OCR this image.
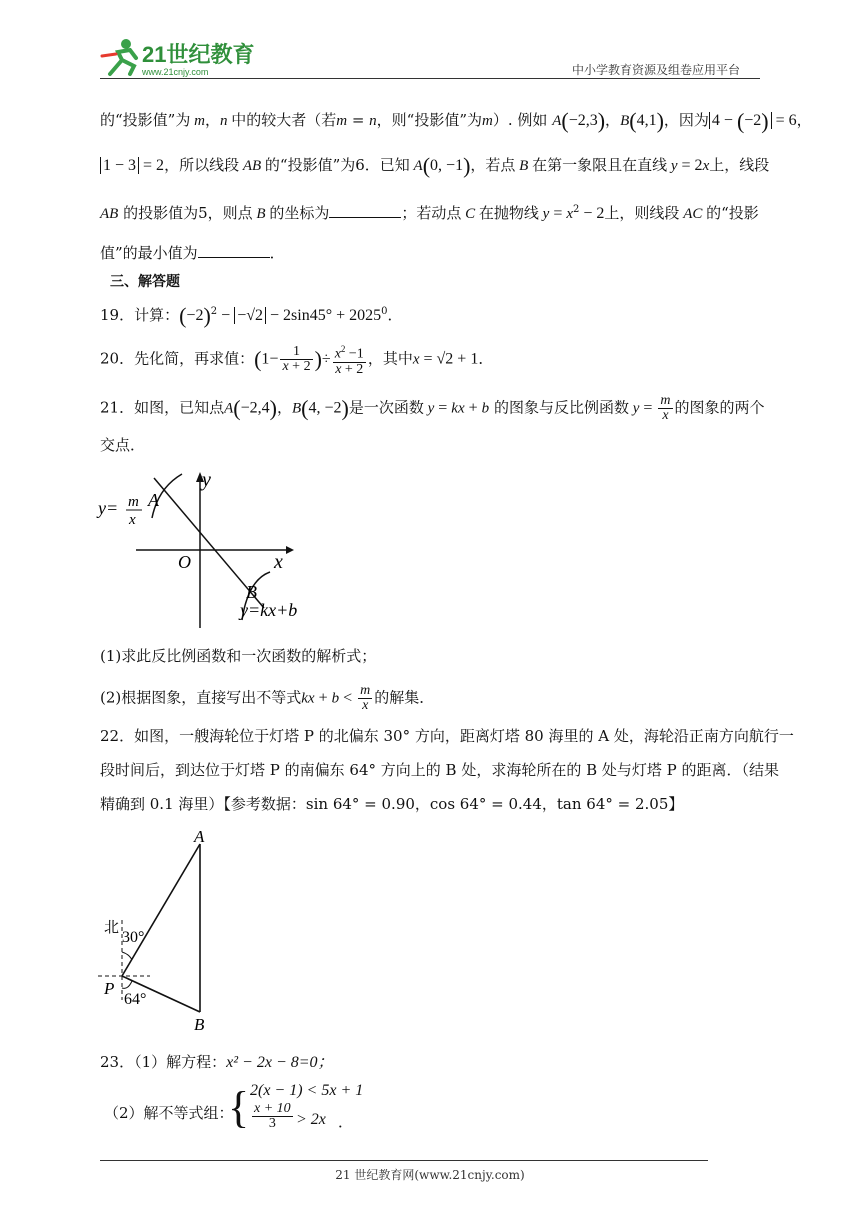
21世纪教育
www.21cnjy.com	中小学教育资源及组卷应用平台
的“投影值”为 m，n 中的较大者（若m = n，则“投影值”为m）. 例如 A(−2,3)，B(4,1)，因为 4 − (−2) = 6，
1 − 3 = 2，所以线段 AB 的“投影值”为6．已知 A(0, −1)，若点 B 在第一象限且在直线 y = 2x上，线段
AB 的投影值为5，则点 B 的坐标为	；若动点 C 在抛物线 $y = x^2 - 2$上，则线段 AC 的“投影
值”的最小值为	．
三、解答题
19．计算：$(-2)^2 - -√2 - 2\sin 45^\circ + 2025^0$．
20．先化简，再求值：($1- \frac{1}{x + 2}$ )÷ $\frac{x^2 -1}{x + 2}$ ，其中x = √2 + 1．
21．如图，已知点A(−2,4)，B(4, −2)是一次函数 y = kx + b 的图象与反比例函数 $y = \frac{m}{x}$ 的图象的两个
交点．
y
x
O
A
B
y= m
x
y=kx+b
(1)求此反比例函数和一次函数的解析式；
(2)根据图象，直接写出不等式kx + $b < \frac{m}{x}$ 的解集．
22．如图，一艘海轮位于灯塔 P 的北偏东 30° 方向，距离灯塔 80 海里的 A 处，海轮沿正南方向航行一
段时间后，到达位于灯塔 P 的南偏东 64° 方向上的 B 处，求海轮所在的 B 处与灯塔 P 的距离．（结果
精确到 0.1 海里）【参考数据：sin 64° = 0.90，cos 64° = 0.44，tan 64° = 2.05】
A
B
P
北
30°
64°
23．（1）解方程：x² − 2x − 8=0；
（2）解不等式组：
{ 2(x − 1) < 5x + 1
$\frac{x + 10}{3} > 2x$ ．
21 世纪教育网(www.21cnjy.com)
